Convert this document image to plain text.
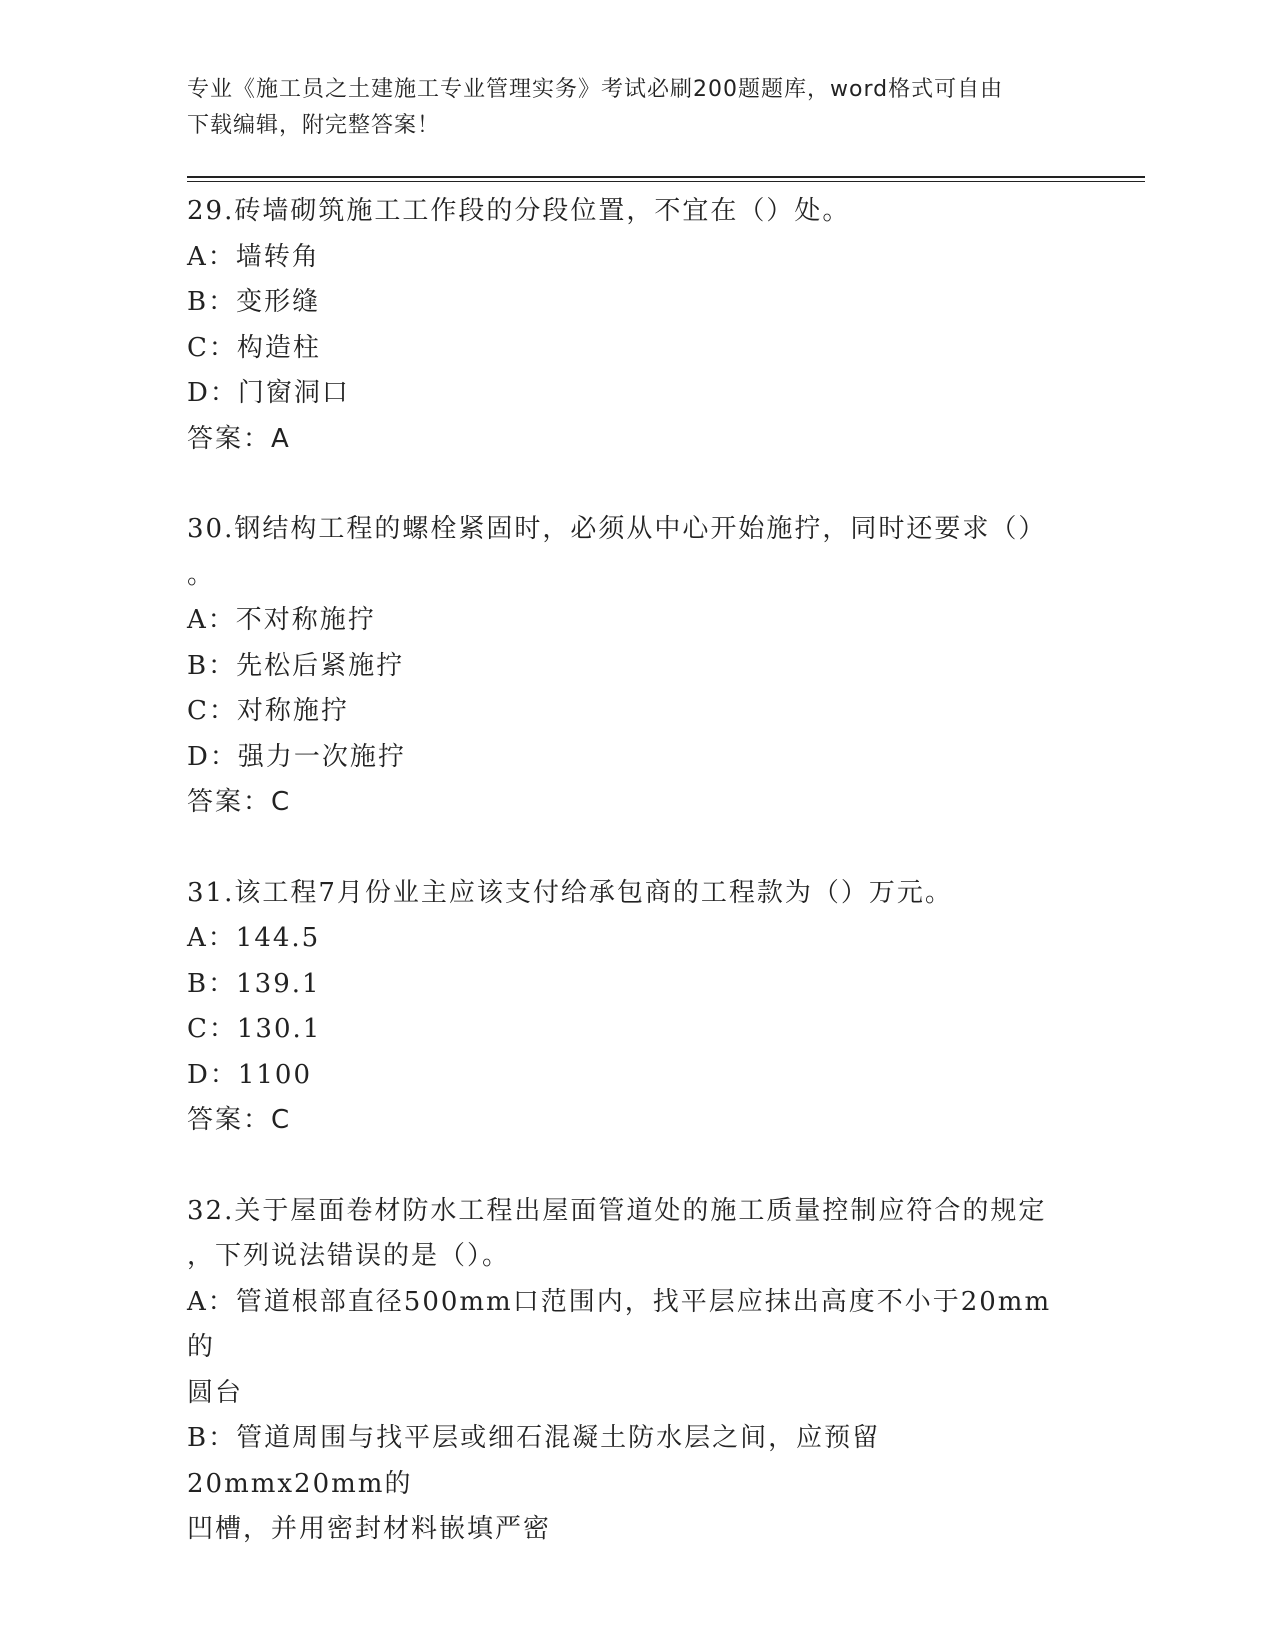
专业《施工员之土建施工专业管理实务》考试必刷200题题库，word格式可自由
下载编辑，附完整答案！
29.砖墙砌筑施工工作段的分段位置，不宜在（）处。
A：墙转角
B：变形缝
C：构造柱
D：门窗洞口
答案：A
30.钢结构工程的螺栓紧固时，必须从中心开始施拧，同时还要求（）
。
A：不对称施拧
B：先松后紧施拧
C：对称施拧
D：强力一次施拧
答案：C
31.该工程7月份业主应该支付给承包商的工程款为（）万元。
A：144.5
B：139.1
C：130.1
D：1100
答案：C
32.关于屋面卷材防水工程出屋面管道处的施工质量控制应符合的规定
，下列说法错误的是（）。
A：管道根部直径500mm口范围内，找平层应抹出高度不小于20mm的
圆台
B：管道周围与找平层或细石混凝土防水层之间，应预留20mmx20mm的
凹槽，并用密封材料嵌填严密
